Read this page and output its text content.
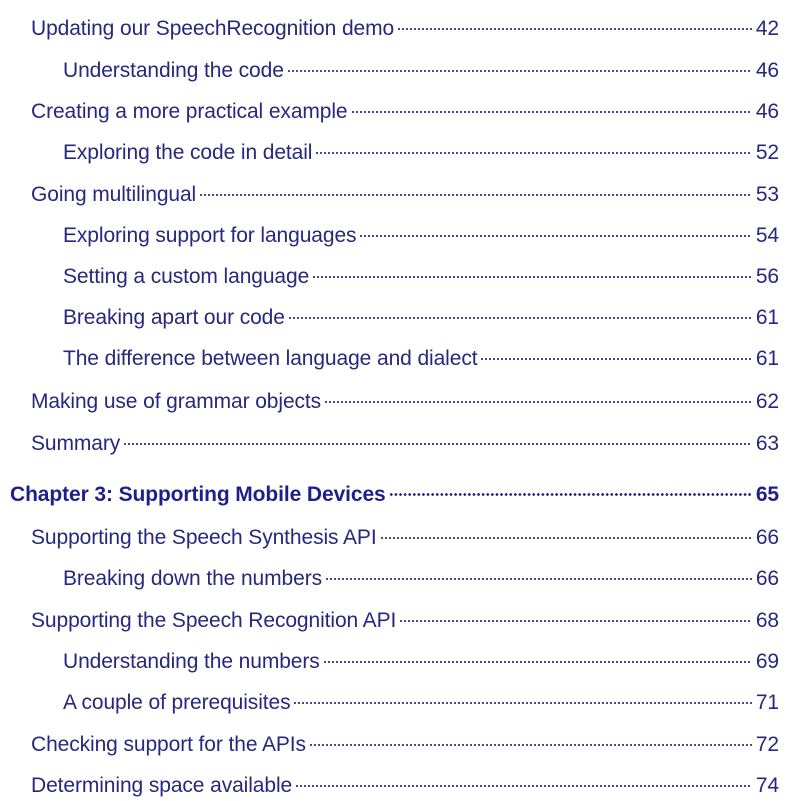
Updating our SpeechRecognition demo	42
Understanding the code	46
Creating a more practical example	46
Exploring the code in detail	52
Going multilingual	53
Exploring support for languages	54
Setting a custom language	56
Breaking apart our code	61
The difference between language and dialect	61
Making use of grammar objects	62
Summary	63
Chapter 3: Supporting Mobile Devices	65
Supporting the Speech Synthesis API	66
Breaking down the numbers	66
Supporting the Speech Recognition API	68
Understanding the numbers	69
A couple of prerequisites	71
Checking support for the APIs	72
Determining space available	74
